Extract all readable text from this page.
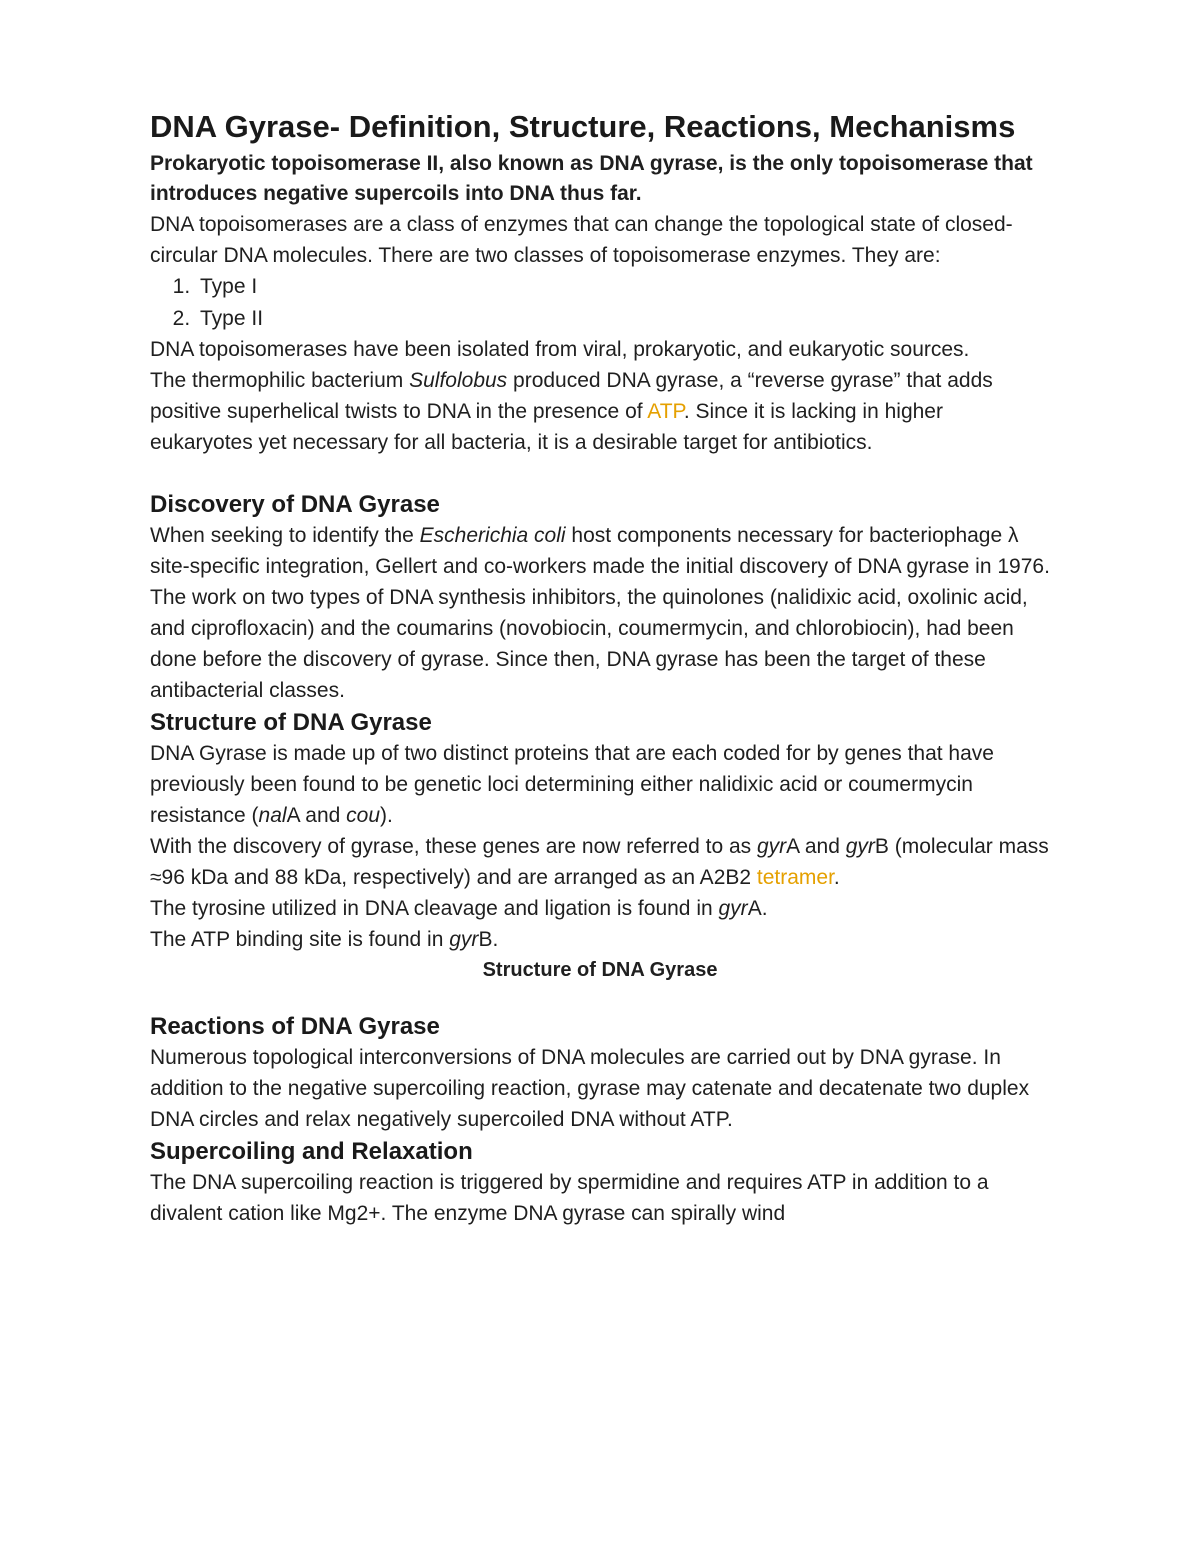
DNA Gyrase- Definition, Structure, Reactions, Mechanisms

Prokaryotic topoisomerase II, also known as DNA gyrase, is the only topoisomerase that introduces negative supercoils into DNA thus far.

DNA topoisomerases are a class of enzymes that can change the topological state of closed-circular DNA molecules. There are two classes of topoisomerase enzymes. They are:

1. Type I
2. Type II

DNA topoisomerases have been isolated from viral, prokaryotic, and eukaryotic sources.

The thermophilic bacterium Sulfolobus produced DNA gyrase, a “reverse gyrase” that adds positive superhelical twists to DNA in the presence of ATP. Since it is lacking in higher eukaryotes yet necessary for all bacteria, it is a desirable target for antibiotics.

Discovery of DNA Gyrase

When seeking to identify the Escherichia coli host components necessary for bacteriophage λ site-specific integration, Gellert and co-workers made the initial discovery of DNA gyrase in 1976.

The work on two types of DNA synthesis inhibitors, the quinolones (nalidixic acid, oxolinic acid, and ciprofloxacin) and the coumarins (novobiocin, coumermycin, and chlorobiocin), had been done before the discovery of gyrase. Since then, DNA gyrase has been the target of these antibacterial classes.

Structure of DNA Gyrase

DNA Gyrase is made up of two distinct proteins that are each coded for by genes that have previously been found to be genetic loci determining either nalidixic acid or coumermycin resistance (nalA and cou).

With the discovery of gyrase, these genes are now referred to as gyrA and gyrB (molecular mass ≈96 kDa and 88 kDa, respectively) and are arranged as an A2B2 tetramer.

The tyrosine utilized in DNA cleavage and ligation is found in gyrA.

The ATP binding site is found in gyrB.

Structure of DNA Gyrase

Reactions of DNA Gyrase

Numerous topological interconversions of DNA molecules are carried out by DNA gyrase. In addition to the negative supercoiling reaction, gyrase may catenate and decatenate two duplex DNA circles and relax negatively supercoiled DNA without ATP.

Supercoiling and Relaxation

The DNA supercoiling reaction is triggered by spermidine and requires ATP in addition to a divalent cation like Mg2+. The enzyme DNA gyrase can spirally wind
